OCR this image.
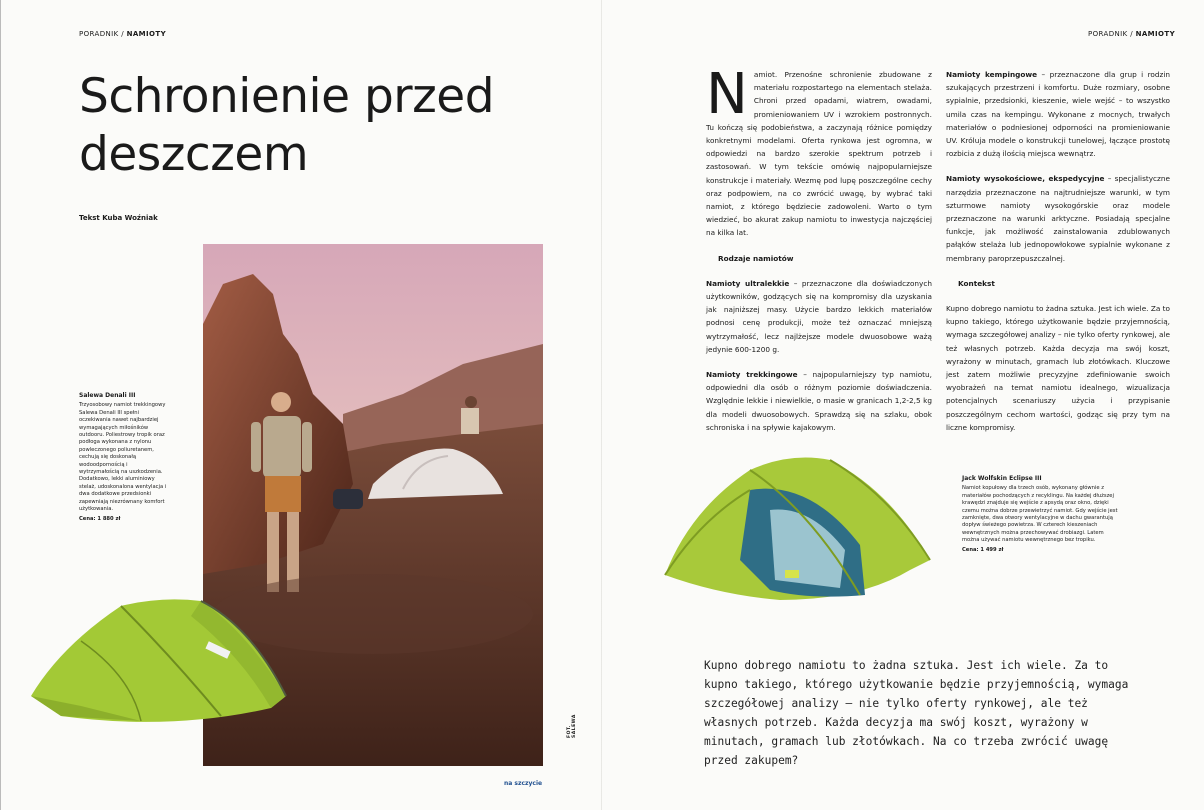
PORADNIK / NAMIOTY
Schronienie przed deszczem
Tekst Kuba Woźniak
Salewa Denali III
Trzyosobowy namiot trekkingowy Salewa Denali III spełni oczekiwania nawet najbardziej wymagających miłośników outdooru. Poliestrowy tropik oraz podłoga wykonana z nylonu powleczonego poliuretanem, cechują się doskonałą wodoodpornością i wytrzymałością na uszkodzenia. Dodatkowo, lekki aluminiowy stelaż, udoskonalona wentylacja i dwa dodatkowe przedsionki zapewniają niezrównany komfort użytkowania.
Cena: 1 880 zł
FOT. SALEWA
na szczycie
PORADNIK / NAMIOTY

Namiot. Przenośne schronienie zbudowane z materiału rozpostartego na elementach stelaża. Chroni przed opadami, wiatrem, owadami, promieniowaniem UV i wzrokiem postronnych. Tu kończą się podobieństwa, a zaczynają różnice pomiędzy konkretnymi modelami. Oferta rynkowa jest ogromna, w odpowiedzi na bardzo szerokie spektrum potrzeb i zastosowań. W tym tekście omówię najpopularniejsze konstrukcje i materiały. Wezmę pod lupę poszczególne cechy oraz podpowiem, na co zwrócić uwagę, by wybrać taki namiot, z którego będziecie zadowoleni. Warto o tym wiedzieć, bo akurat zakup namiotu to inwestycja najczęściej na kilka lat.

Rodzaje namiotów

Namioty ultralekkie – przeznaczone dla doświadczonych użytkowników, godzących się na kompromisy dla uzyskania jak najniższej masy. Użycie bardzo lekkich materiałów podnosi cenę produkcji, może też oznaczać mniejszą wytrzymałość, lecz najlżejsze modele dwuosobowe ważą jedynie 600-1200 g.

Namioty trekkingowe – najpopularniejszy typ namiotu, odpowiedni dla osób o różnym poziomie doświadczenia. Względnie lekkie i niewielkie, o masie w granicach 1,2-2,5 kg dla modeli dwuosobowych. Sprawdzą się na szlaku, obok schroniska i na spływie kajakowym.

Namioty kempingowe – przeznaczone dla grup i rodzin szukających przestrzeni i komfortu. Duże rozmiary, osobne sypialnie, przedsionki, kieszenie, wiele wejść – to wszystko umila czas na kempingu. Wykonane z mocnych, trwałych materiałów o podniesionej odporności na promieniowanie UV. Króluja modele o konstrukcji tunelowej, łączące prostotę rozbicia z dużą ilością miejsca wewnątrz.

Namioty wysokościowe, ekspedycyjne – specjalistyczne narzędzia przeznaczone na najtrudniejsze warunki, w tym szturmowe namioty wysokogórskie oraz modele przeznaczone na warunki arktyczne. Posiadają specjalne funkcje, jak możliwość zainstalowania zdublowanych pałąków stelaża lub jednopowłokowe sypialnie wykonane z membrany paroprzepuszczalnej.

Kontekst

Kupno dobrego namiotu to żadna sztuka. Jest ich wiele. Za to kupno takiego, którego użytkowanie będzie przyjemnością, wymaga szczegółowej analizy – nie tylko oferty rynkowej, ale też własnych potrzeb. Każda decyzja ma swój koszt, wyrażony w minutach, gramach lub złotówkach. Kluczowe jest zatem możliwie precyzyjne zdefiniowanie swoich wyobrażeń na temat namiotu idealnego, wizualizacja potencjalnych scenariuszy użycia i przypisanie poszczególnym cechom wartości, godząc się przy tym na liczne kompromisy.

Jack Wolfskin Eclipse III
Namiot kopułowy dla trzech osób, wykonany głównie z materiałów pochodzących z recyklingu. Na każdej dłuższej krawędzi znajduje się wejście z apsydą oraz okno, dzięki czemu można dobrze przewietrzyć namiot. Gdy wejście jest zamknięte, dwa otwory wentylacyjne w dachu gwarantują dopływ świeżego powietrza. W czterech kieszeniach wewnętrznych można przechowywać drobiazgi. Latem można używać namiotu wewnętrznego bez tropiku.
Cena: 1 499 zł
Kupno dobrego namiotu to żadna sztuka. Jest ich wiele. Za to kupno takiego, którego użytkowanie będzie przyjemnością, wymaga szczegółowej analizy – nie tylko oferty rynkowej, ale też własnych potrzeb. Każda decyzja ma swój koszt, wyrażony w minutach, gramach lub złotówkach. Na co trzeba zwrócić uwagę przed zakupem?
